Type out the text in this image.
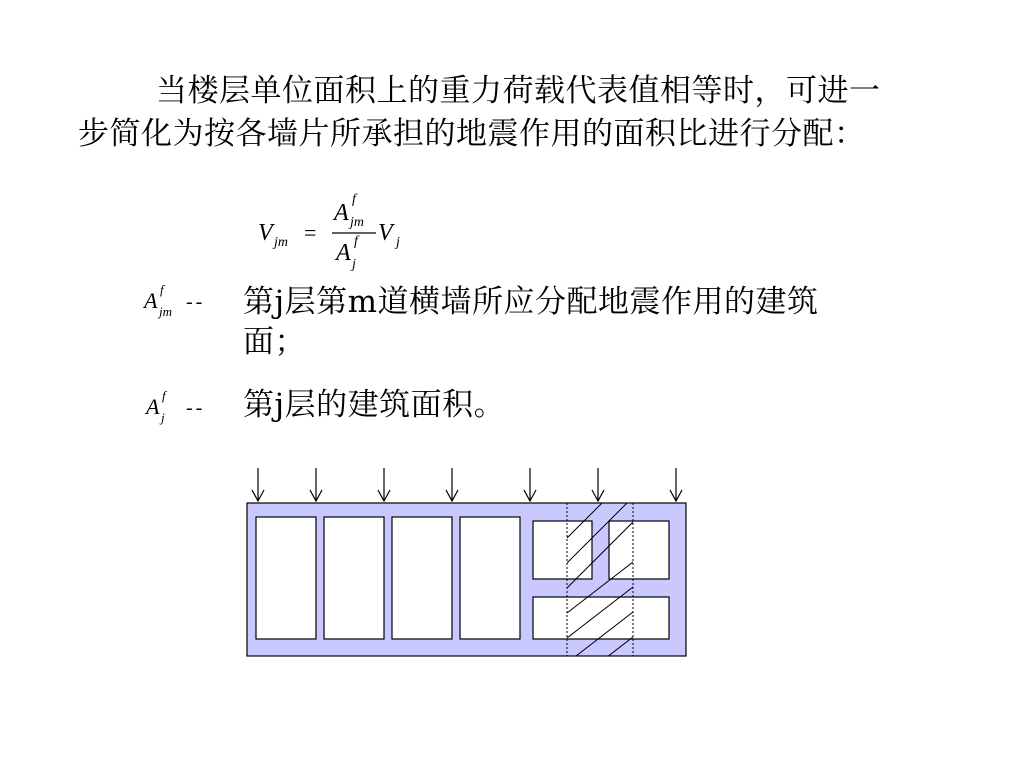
当楼层单位面积上的重力荷载代表值相等时，可进一步简化为按各墙片所承担的地震作用的面积比进行分配：

V jm =
A
f
jm
A f
j
V j
A f
jm -- 第j层第m道横墙所应分配地震作用的建筑面；
A f
j -- 第j层的建筑面积。
